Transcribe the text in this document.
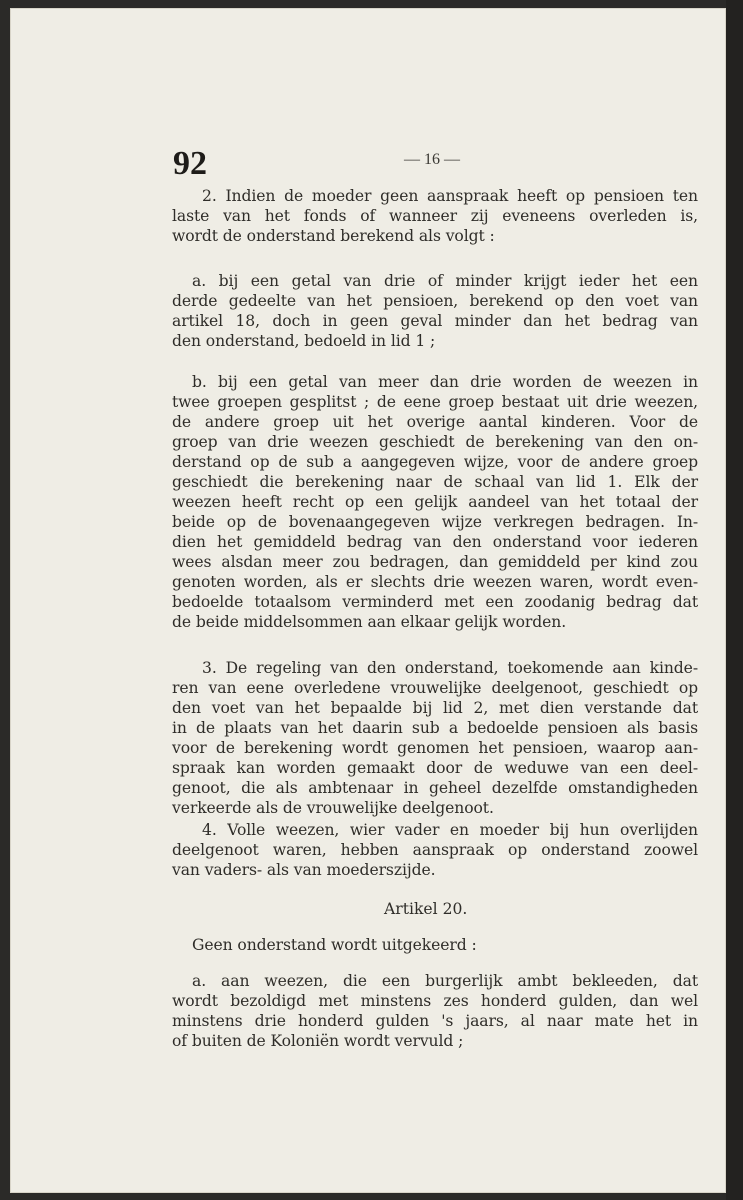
92	— 16 —
2. Indien de moeder geen aanspraak heeft op pensioen ten
laste van het fonds of wanneer zij eveneens overleden is,
wordt de onderstand berekend als volgt :
a. bij een getal van drie of minder krijgt ieder het een
derde gedeelte van het pensioen, berekend op den voet van
artikel 18, doch in geen geval minder dan het bedrag van
den onderstand, bedoeld in lid 1 ;
b. bij een getal van meer dan drie worden de weezen in
twee groepen gesplitst ; de eene groep bestaat uit drie weezen,
de andere groep uit het overige aantal kinderen. Voor de
groep van drie weezen geschiedt de berekening van den on-
derstand op de sub a aangegeven wijze, voor de andere groep
geschiedt die berekening naar de schaal van lid 1. Elk der
weezen heeft recht op een gelijk aandeel van het totaal der
beide op de bovenaangegeven wijze verkregen bedragen. In-
dien het gemiddeld bedrag van den onderstand voor iederen
wees alsdan meer zou bedragen, dan gemiddeld per kind zou
genoten worden, als er slechts drie weezen waren, wordt even-
bedoelde totaalsom verminderd met een zoodanig bedrag dat
de beide middelsommen aan elkaar gelijk worden.
3. De regeling van den onderstand, toekomende aan kinde-
ren van eene overledene vrouwelijke deelgenoot, geschiedt op
den voet van het bepaalde bij lid 2, met dien verstande dat
in de plaats van het daarin sub a bedoelde pensioen als basis
voor de berekening wordt genomen het pensioen, waarop aan-
spraak kan worden gemaakt door de weduwe van een deel-
genoot, die als ambtenaar in geheel dezelfde omstandigheden
verkeerde als de vrouwelijke deelgenoot.
4. Volle weezen, wier vader en moeder bij hun overlijden
deelgenoot waren, hebben aanspraak op onderstand zoowel
van vaders- als van moederszijde.
Artikel 20.
Geen onderstand wordt uitgekeerd :
a. aan weezen, die een burgerlijk ambt bekleeden, dat
wordt bezoldigd met minstens zes honderd gulden, dan wel
minstens drie honderd gulden 's jaars, al naar mate het in
of buiten de Koloniën wordt vervuld ;
